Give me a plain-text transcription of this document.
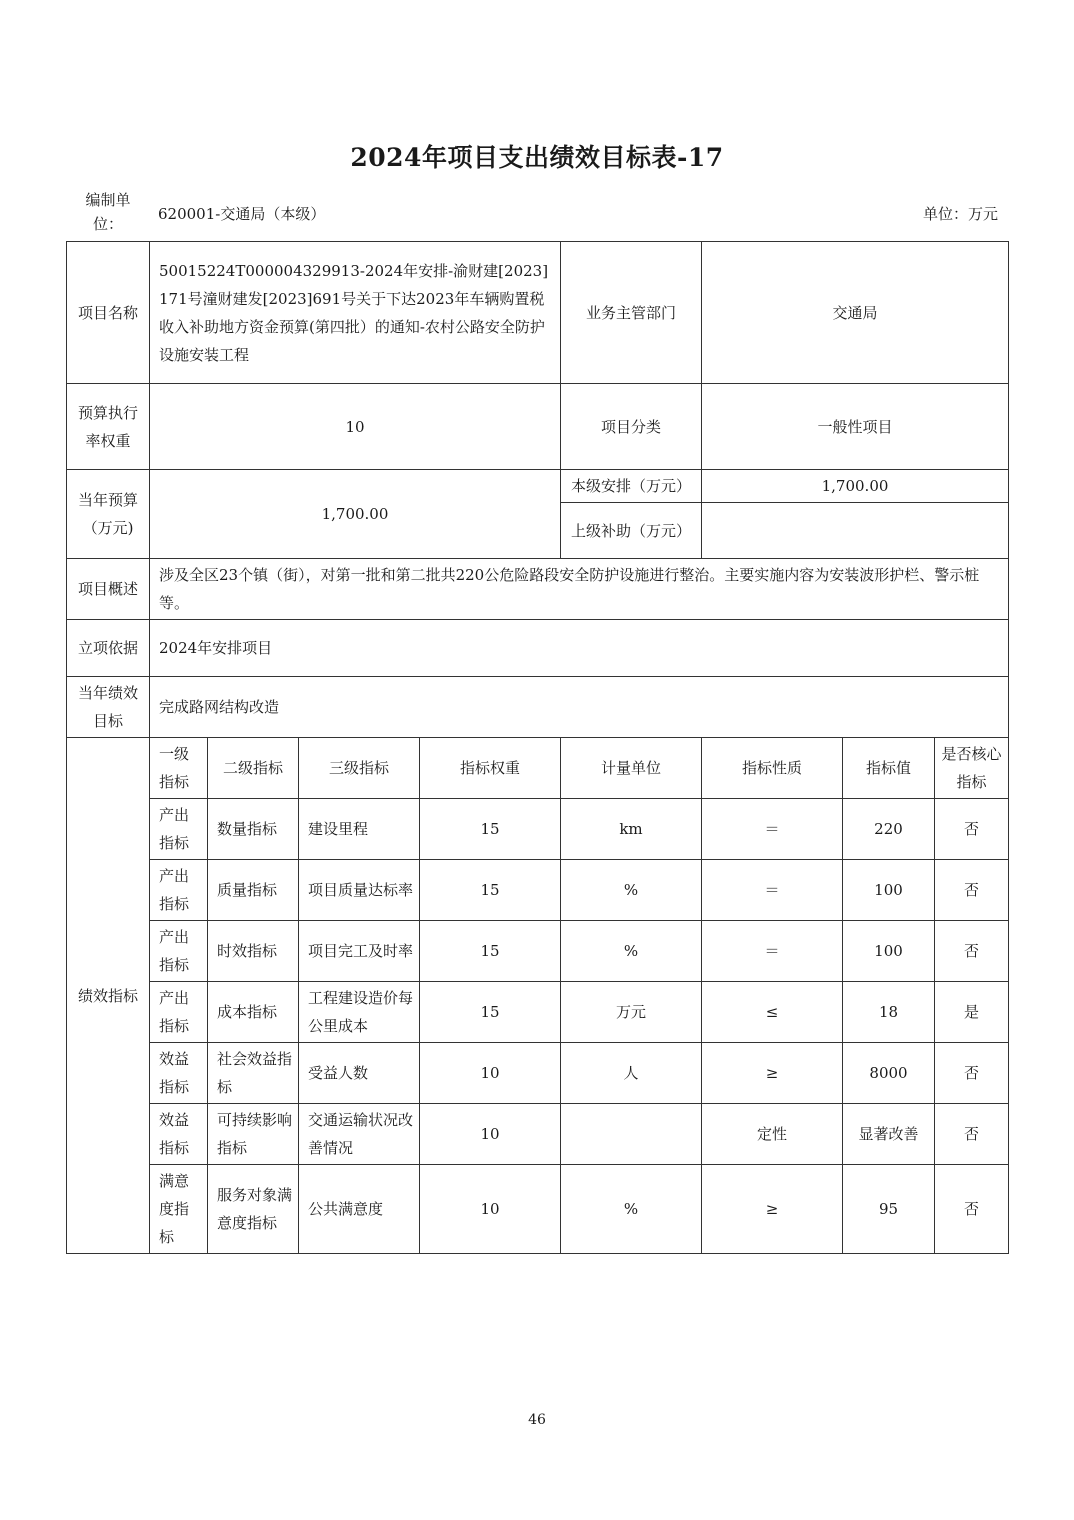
2024年项目支出绩效目标表-17
编制单位：
620001-交通局（本级）	单位：万元
项目名称	50015224T000004329913-2024年安排-渝财建[2023]171号潼财建发[2023]691号关于下达2023年车辆购置税收入补助地方资金预算(第四批）的通知-农村公路安全防护设施安装工程				业务主管部门	交通局		
预算执行率权重	10				项目分类	一般性项目		
当年预算（万元)	1,700.00				本级安排（万元）	1,700.00		
					上级补助（万元）			
项目概述	涉及全区23个镇（街），对第一批和第二批共220公危险路段安全防护设施进行整治。主要实施内容为安装波形护栏、警示桩等。							
立项依据	2024年安排项目							
当年绩效目标	完成路网结构改造							
绩效指标	一级指标	二级指标	三级指标	指标权重	计量单位	指标性质	指标值	是否核心指标
	产出指标	数量指标	建设里程	15	km	＝	220	否
	产出指标	质量指标	项目质量达标率	15	%	＝	100	否
	产出指标	时效指标	项目完工及时率	15	%	＝	100	否
	产出指标	成本指标	工程建设造价每公里成本	15	万元	≤	18	是
	效益指标	社会效益指标	受益人数	10	人	≥	8000	否
	效益指标	可持续影响指标	交通运输状况改善情况	10		定性	显著改善	否
	满意度指标	服务对象满意度指标	公共满意度	10	%	≥	95	否
46
